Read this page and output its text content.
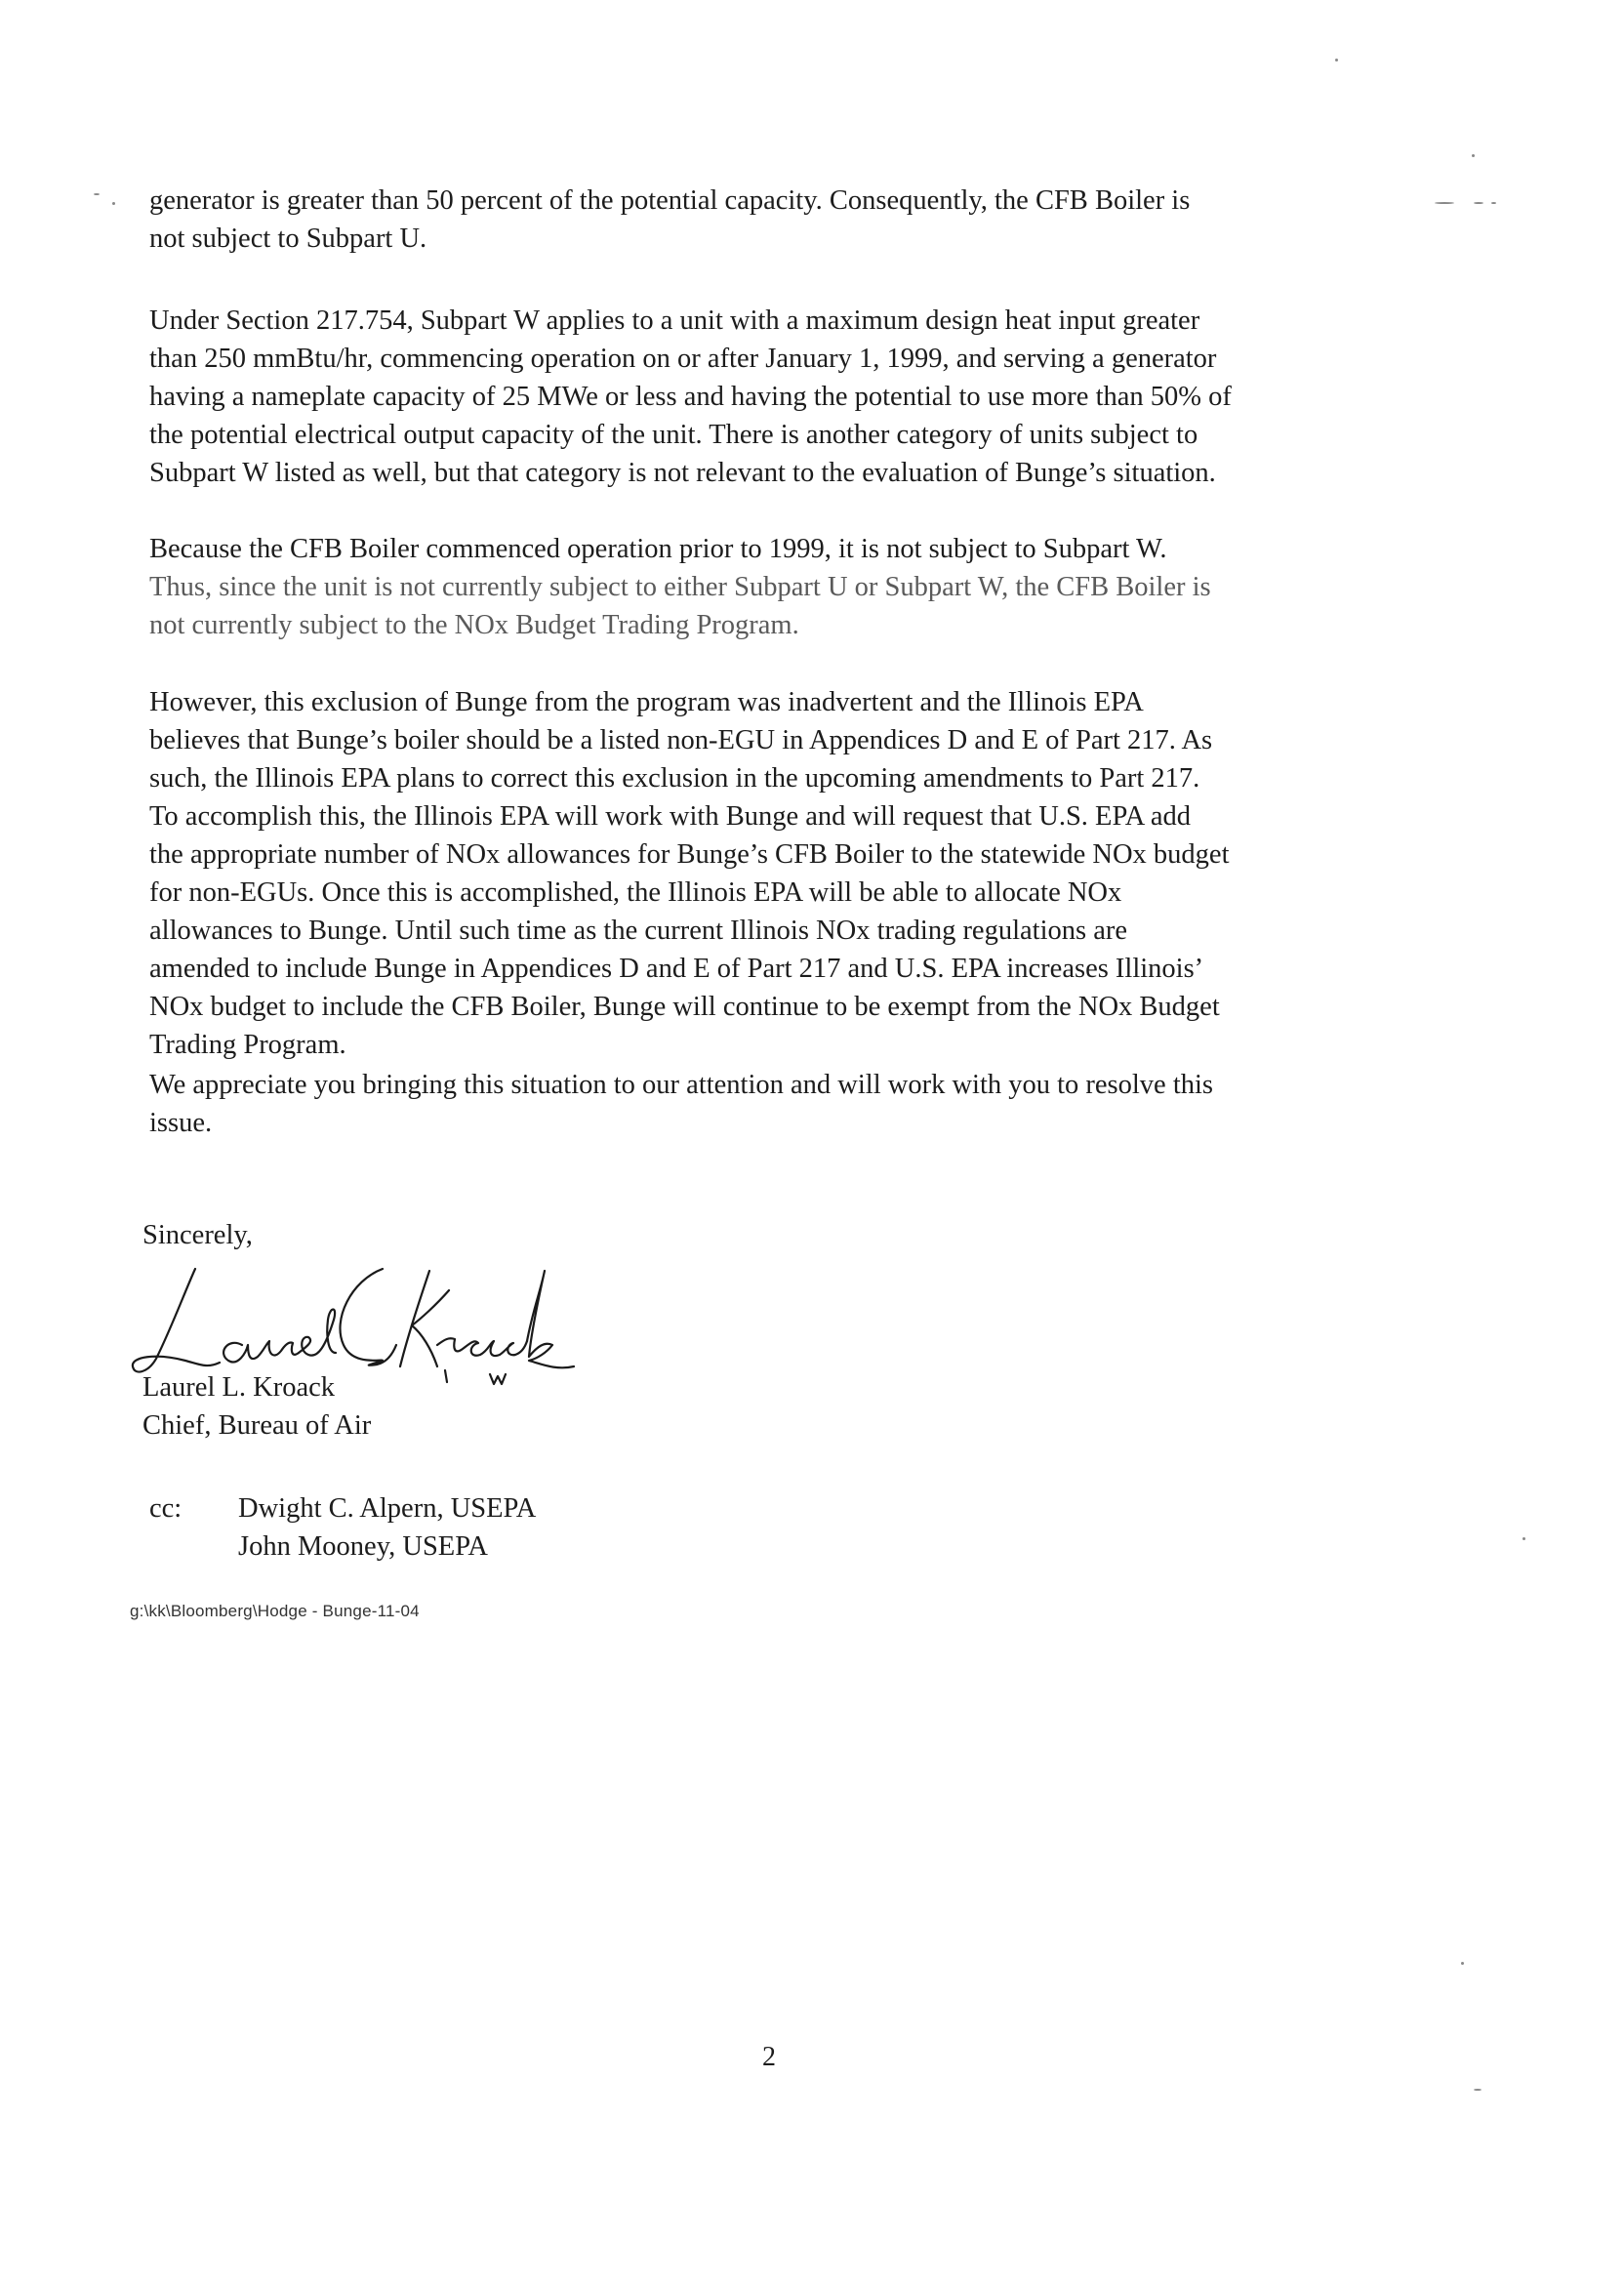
generator is greater than 50 percent of the potential capacity. Consequently, the CFB Boiler is
not subject to Subpart U.

Under Section 217.754, Subpart W applies to a unit with a maximum design heat input greater
than 250 mmBtu/hr, commencing operation on or after January 1, 1999, and serving a generator
having a nameplate capacity of 25 MWe or less and having the potential to use more than 50% of
the potential electrical output capacity of the unit. There is another category of units subject to
Subpart W listed as well, but that category is not relevant to the evaluation of Bunge’s situation.

Because the CFB Boiler commenced operation prior to 1999, it is not subject to Subpart W.
Thus, since the unit is not currently subject to either Subpart U or Subpart W, the CFB Boiler is
not currently subject to the NOx Budget Trading Program.

However, this exclusion of Bunge from the program was inadvertent and the Illinois EPA
believes that Bunge’s boiler should be a listed non-EGU in Appendices D and E of Part 217. As
such, the Illinois EPA plans to correct this exclusion in the upcoming amendments to Part 217.
To accomplish this, the Illinois EPA will work with Bunge and will request that U.S. EPA add
the appropriate number of NOx allowances for Bunge’s CFB Boiler to the statewide NOx budget
for non-EGUs. Once this is accomplished, the Illinois EPA will be able to allocate NOx
allowances to Bunge. Until such time as the current Illinois NOx trading regulations are
amended to include Bunge in Appendices D and E of Part 217 and U.S. EPA increases Illinois’
NOx budget to include the CFB Boiler, Bunge will continue to be exempt from the NOx Budget
Trading Program.

We appreciate you bringing this situation to our attention and will work with you to resolve this
issue.

Sincerely,
Laurel L. Kroack
Chief, Bureau of Air
cc: Dwight C. Alpern, USEPA
John Mooney, USEPA
g:\kk\Bloomberg\Hodge - Bunge-11-04
2
